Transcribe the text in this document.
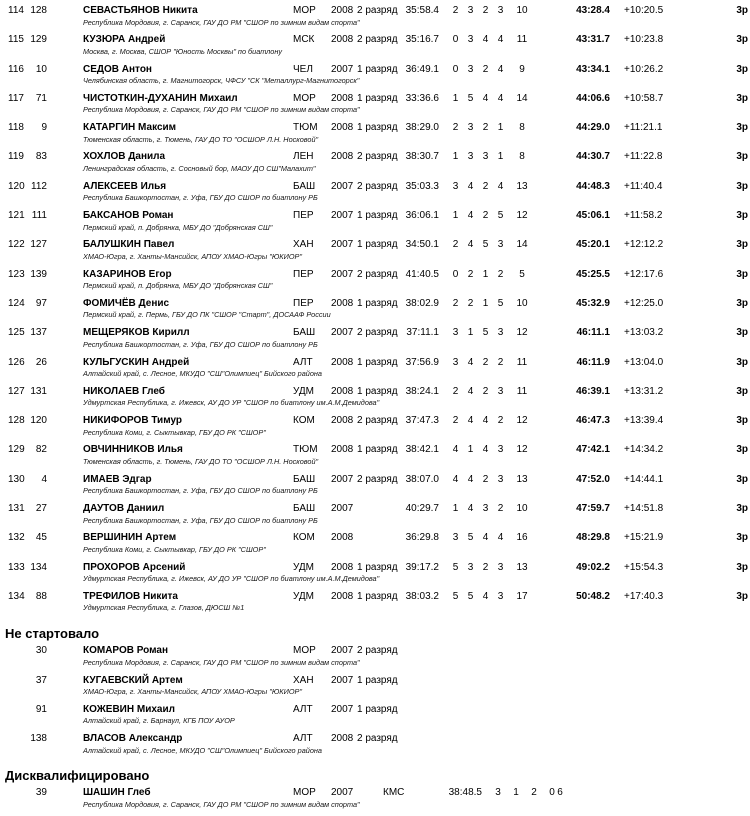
114 128	СЕВАСТЬЯНОВ Никита	МОР	2008 2 разряд 35:58.4	2 3 2 3	10	43:28.4 +10:20.5	3р
Республика Мордовия, г. Саранск, ГАУ ДО РМ "СШОР по зимним видам спорта"
115 129	КУЗЮРА Андрей	МСК	2008 2 разряд 35:16.7	0 3 4 4	11	43:31.7 +10:23.8	3р
Москва, г. Москва, СШОР "Юность Москвы" по биатлону
116	10	СЕДОВ Антон	ЧЕЛ	2007 1 разряд 36:49.1	0 3 2 4	9	43:34.1 +10:26.2	3р
Челябинская область, г. Магнитогорск, ЧФСУ "СК "Металлург-Магнитогорск"
117	71	ЧИСТОТКИН-ДУХАНИН Михаил	МОР	2008 1 разряд 33:36.6	1 5 4 4	14	44:06.6 +10:58.7	3р
Республика Мордовия, г. Саранск, ГАУ ДО РМ "СШОР по зимним видам спорта"
118	9	КАТАРГИН Максим	ТЮМ	2008 1 разряд 38:29.0	2 3 2 1	8	44:29.0 +11:21.1	3р
Тюменская область, г. Тюмень, ГАУ ДО ТО "ОСШОР Л.Н. Носковой"
119	83	ХОХЛОВ Данила	ЛЕН	2008 2 разряд 38:30.7	1 3 3 1	8	44:30.7 +11:22.8	3р
Ленинградская область, г. Сосновый бор, МАОУ ДО СШ"Малахит"
120 112	АЛЕКСЕЕВ Илья	БАШ	2007 2 разряд 35:03.3	3 4 2 4	13	44:48.3 +11:40.4	3р
Республика Башкортостан, г. Уфа, ГБУ ДО СШОР по биатлону РБ
121 111	БАКСАНОВ Роман	ПЕР	2007 1 разряд 36:06.1	1 4 2 5	12	45:06.1 +11:58.2	3р
Пермский край, п. Добрянка, МБУ ДО "Добрянская СШ"
122 127	БАЛУШКИН Павел	ХАН	2007 1 разряд 34:50.1	2 4 5 3	14	45:20.1 +12:12.2	3р
ХМАО-Югра, г. Ханты-Мансийск, АПОУ ХМАО-Югры "ЮКИОР"
123 139	КАЗАРИНОВ Егор	ПЕР	2007 2 разряд 41:40.5	0 2 1 2	5	45:25.5 +12:17.6	3р
Пермский край, п. Добрянка, МБУ ДО "Добрянская СШ"
124	97	ФОМИЧЁВ Денис	ПЕР	2008 1 разряд 38:02.9	2 2 1 5	10	45:32.9 +12:25.0	3р
Пермский край, г. Пермь, ГБУ ДО ПК "СШОР "Старт", ДОСААФ России
125 137	МЕЩЕРЯКОВ Кирилл	БАШ	2007 2 разряд 37:11.1	3 1 5 3	12	46:11.1 +13:03.2	3р
Республика Башкортостан, г. Уфа, ГБУ ДО СШОР по биатлону РБ
126	26	КУЛЬГУСКИН Андрей	АЛТ	2008 1 разряд 37:56.9	3 4 2 2	11	46:11.9 +13:04.0	3р
Алтайский край, с. Лесное, МКУДО "СШ"Олимпиец" Бийского района
127 131	НИКОЛАЕВ Глеб	УДМ	2008 1 разряд 38:24.1	2 4 2 3	11	46:39.1 +13:31.2	3р
Удмуртская Республика, г. Ижевск, АУ ДО УР "СШОР по биатлону им.А.М.Демидова"
128 120	НИКИФОРОВ Тимур	КОМ	2008 2 разряд 37:47.3	2 4 4 2	12	46:47.3 +13:39.4	3р
Республика Коми, г. Сыктывкар, ГБУ ДО РК "СШОР"
129	82	ОВЧИННИКОВ Илья	ТЮМ	2008 1 разряд 38:42.1	4 1 4 3	12	47:42.1 +14:34.2	3р
Тюменская область, г. Тюмень, ГАУ ДО ТО "ОСШОР Л.Н. Носковой"
130	4	ИМАЕВ Эдгар	БАШ	2007 2 разряд 38:07.0	4 4 2 3	13	47:52.0 +14:44.1	3р
Республика Башкортостан, г. Уфа, ГБУ ДО СШОР по биатлону РБ
131	27	ДАУТОВ Даниил	БАШ	2007	40:29.7	1 4 3 2	10	47:59.7 +14:51.8	3р
Республика Башкортостан, г. Уфа, ГБУ ДО СШОР по биатлону РБ
132	45	ВЕРШИНИН Артем	КОМ	2008	36:29.8	3 5 4 4	16	48:29.8 +15:21.9	3р
Республика Коми, г. Сыктывкар, ГБУ ДО РК "СШОР"
133 134	ПРОХОРОВ Арсений	УДМ	2008 1 разряд 39:17.2	5 3 2 3	13	49:02.2 +15:54.3	3р
Удмуртская Республика, г. Ижевск, АУ ДО УР "СШОР по биатлону им.А.М.Демидова"
134	88	ТРЕФИЛОВ Никита	УДМ	2008 1 разряд 38:03.2	5 5 4 3	17	50:48.2 +17:40.3	3р
Удмуртская Республика, г. Глазов, ДЮСШ №1
Не стартовало
30	КОМАРОВ Роман	МОР	2007 2 разряд
Республика Мордовия, г. Саранск, ГАУ ДО РМ "СШОР по зимним видам спорта"
37	КУГАЕВСКИЙ Артем	ХАН	2007 1 разряд
ХМАО-Югра, г. Ханты-Мансийск, АПОУ ХМАО-Югры "ЮКИОР"
91	КОЖЕВИН Михаил	АЛТ	2007 1 разряд
Алтайский край, г. Барнаул, КГБ ПОУ АУОР
138	ВЛАСОВ Александр	АЛТ	2008 2 разряд
Алтайский край, с. Лесное, МКУДО "СШ"Олимпиец" Бийского района
Дисквалифицировано
39	ШАШИН Глеб	МОР	2007	КМС	38:48.5	3	1	2	0 6
Республика Мордовия, г. Саранск, ГАУ ДО РМ "СШОР по зимним видам спорта"
